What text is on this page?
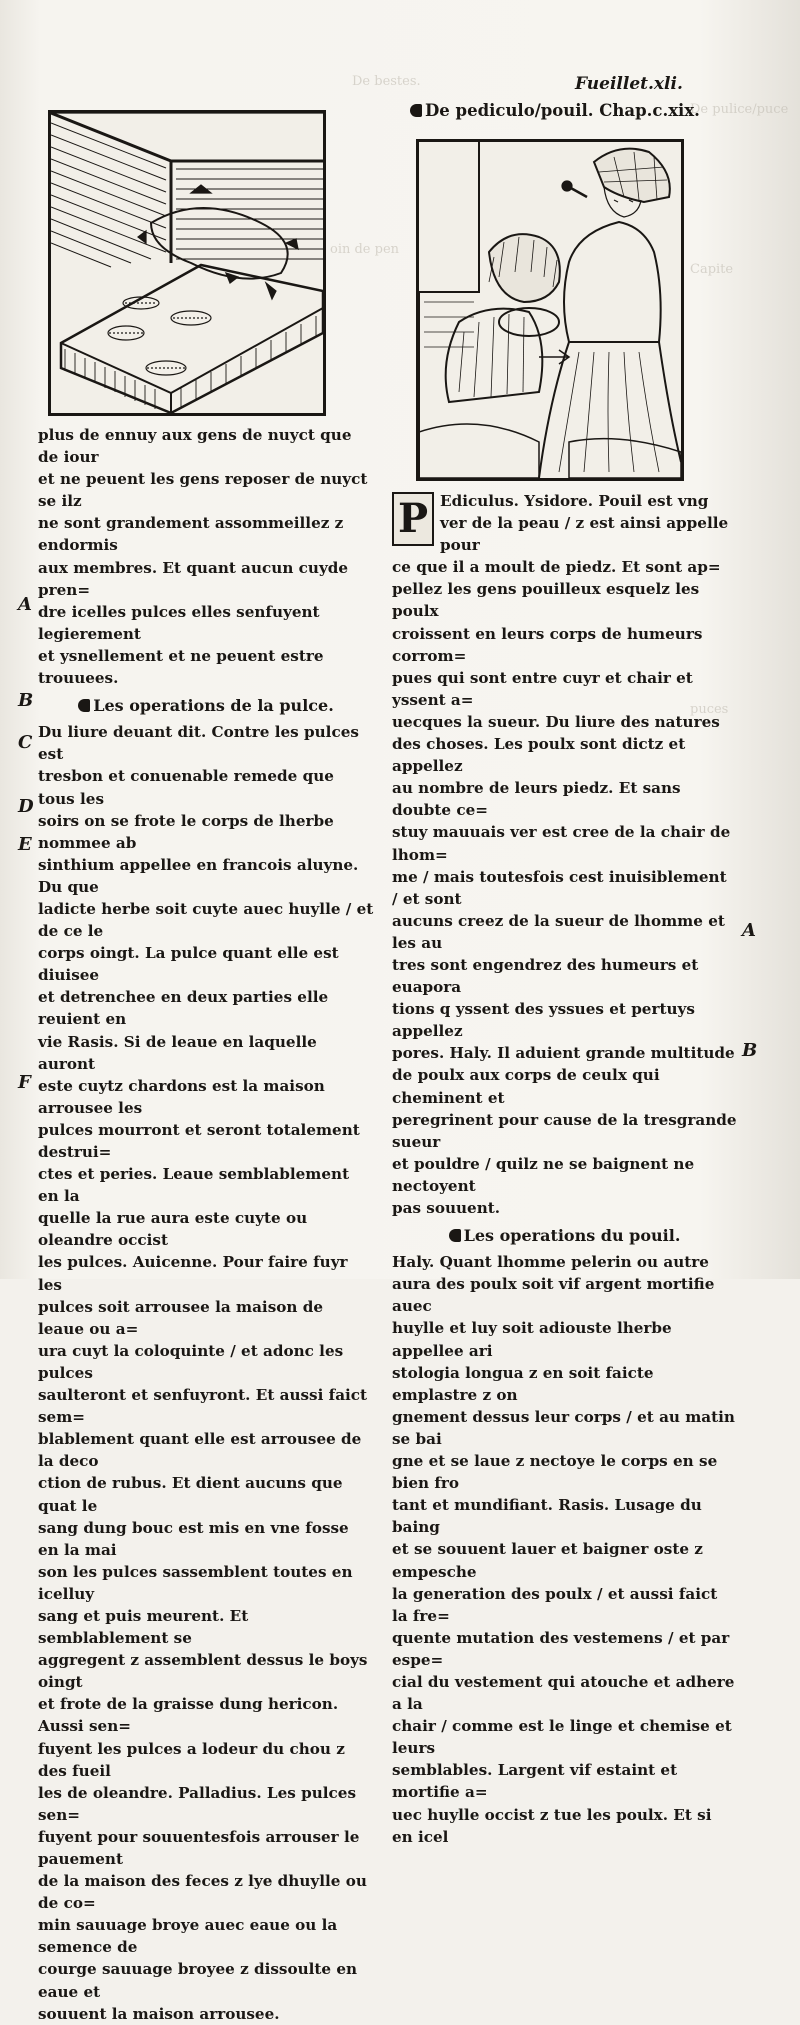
De bestes.
De pulice/puce
oin de pen
Capite
puces
Fueillet.xli.
De pediculo/pouil. Chap.c.xix.

plus de ennuy aux gens de nuyct que de iour

et ne peuent les gens reposer de nuyct se ilz

ne sont grandement assommeillez z endormis

aux membres. Et quant aucun cuyde pren=

dre icelles pulces elles senfuyent legierement

et ysnellement et ne peuent estre trouuees.

Les operations de la pulce.

Du liure deuant dit. Contre les pulces est

tresbon et conuenable remede que tous les

soirs on se frote le corps de lherbe nommee ab

sinthium appellee en francois aluyne. Du que

ladicte herbe soit cuyte auec huylle / et de ce le

corps oingt. La pulce quant elle est diuisee

et detrenchee en deux parties elle reuient en

vie Rasis. Si de leaue en laquelle auront

este cuytz chardons est la maison arrousee les

pulces mourront et seront totalement destrui=

ctes et peries. Leaue semblablement en la

quelle la rue aura este cuyte ou oleandre occist

les pulces. Auicenne. Pour faire fuyr les

pulces soit arrousee la maison de leaue ou a=

ura cuyt la coloquinte / et adonc les pulces

saulteront et senfuyront. Et aussi faict sem=

blablement quant elle est arrousee de la deco

ction de rubus. Et dient aucuns que quat le

sang dung bouc est mis en vne fosse en la mai

son les pulces sassemblent toutes en icelluy

sang et puis meurent. Et semblablement se

aggregent z assemblent dessus le boys oingt

et frote de la graisse dung hericon. Aussi sen=

fuyent les pulces a lodeur du chou z des fueil

les de oleandre. Palladius. Les pulces sen=

fuyent pour souuentesfois arrouser le pauement

de la maison des feces z lye dhuylle ou de co=

min sauuage broye auec eaue ou la semence de

courge sauuage broyee z dissoulte en eaue et

souuent la maison arrousee.

A
B
C
D
E
F
P Ediculus. Ysidore. Pouil est vng

ver de la peau / z est ainsi appelle pour

ce que il a moult de piedz. Et sont ap=

pellez les gens pouilleux esquelz les poulx

croissent en leurs corps de humeurs corrom=

pues qui sont entre cuyr et chair et yssent a=

uecques la sueur. Du liure des natures

des choses. Les poulx sont dictz et appellez

au nombre de leurs piedz. Et sans doubte ce=

stuy mauuais ver est cree de la chair de lhom=

me / mais toutesfois cest inuisiblement / et sont

aucuns creez de la sueur de lhomme et les au

tres sont engendrez des humeurs et euapora

tions q yssent des yssues et pertuys appellez

pores. Haly. Il aduient grande multitude

de poulx aux corps de ceulx qui cheminent et

peregrinent pour cause de la tresgrande sueur

et pouldre / quilz ne se baignent ne nectoyent

pas souuent.

Les operations du pouil.

Haly. Quant lhomme pelerin ou autre

aura des poulx soit vif argent mortifie auec

huylle et luy soit adiouste lherbe appellee ari

stologia longua z en soit faicte emplastre z on

gnement dessus leur corps / et au matin se bai

gne et se laue z nectoye le corps en se bien fro

tant et mundifiant. Rasis. Lusage du baing

et se souuent lauer et baigner oste z empesche

la generation des poulx / et aussi faict la fre=

quente mutation des vestemens / et par espe=

cial du vestement qui atouche et adhere a la

chair / comme est le linge et chemise et leurs

semblables. Largent vif estaint et mortifie a=

uec huylle occist z tue les poulx. Et si en icel

A
B
